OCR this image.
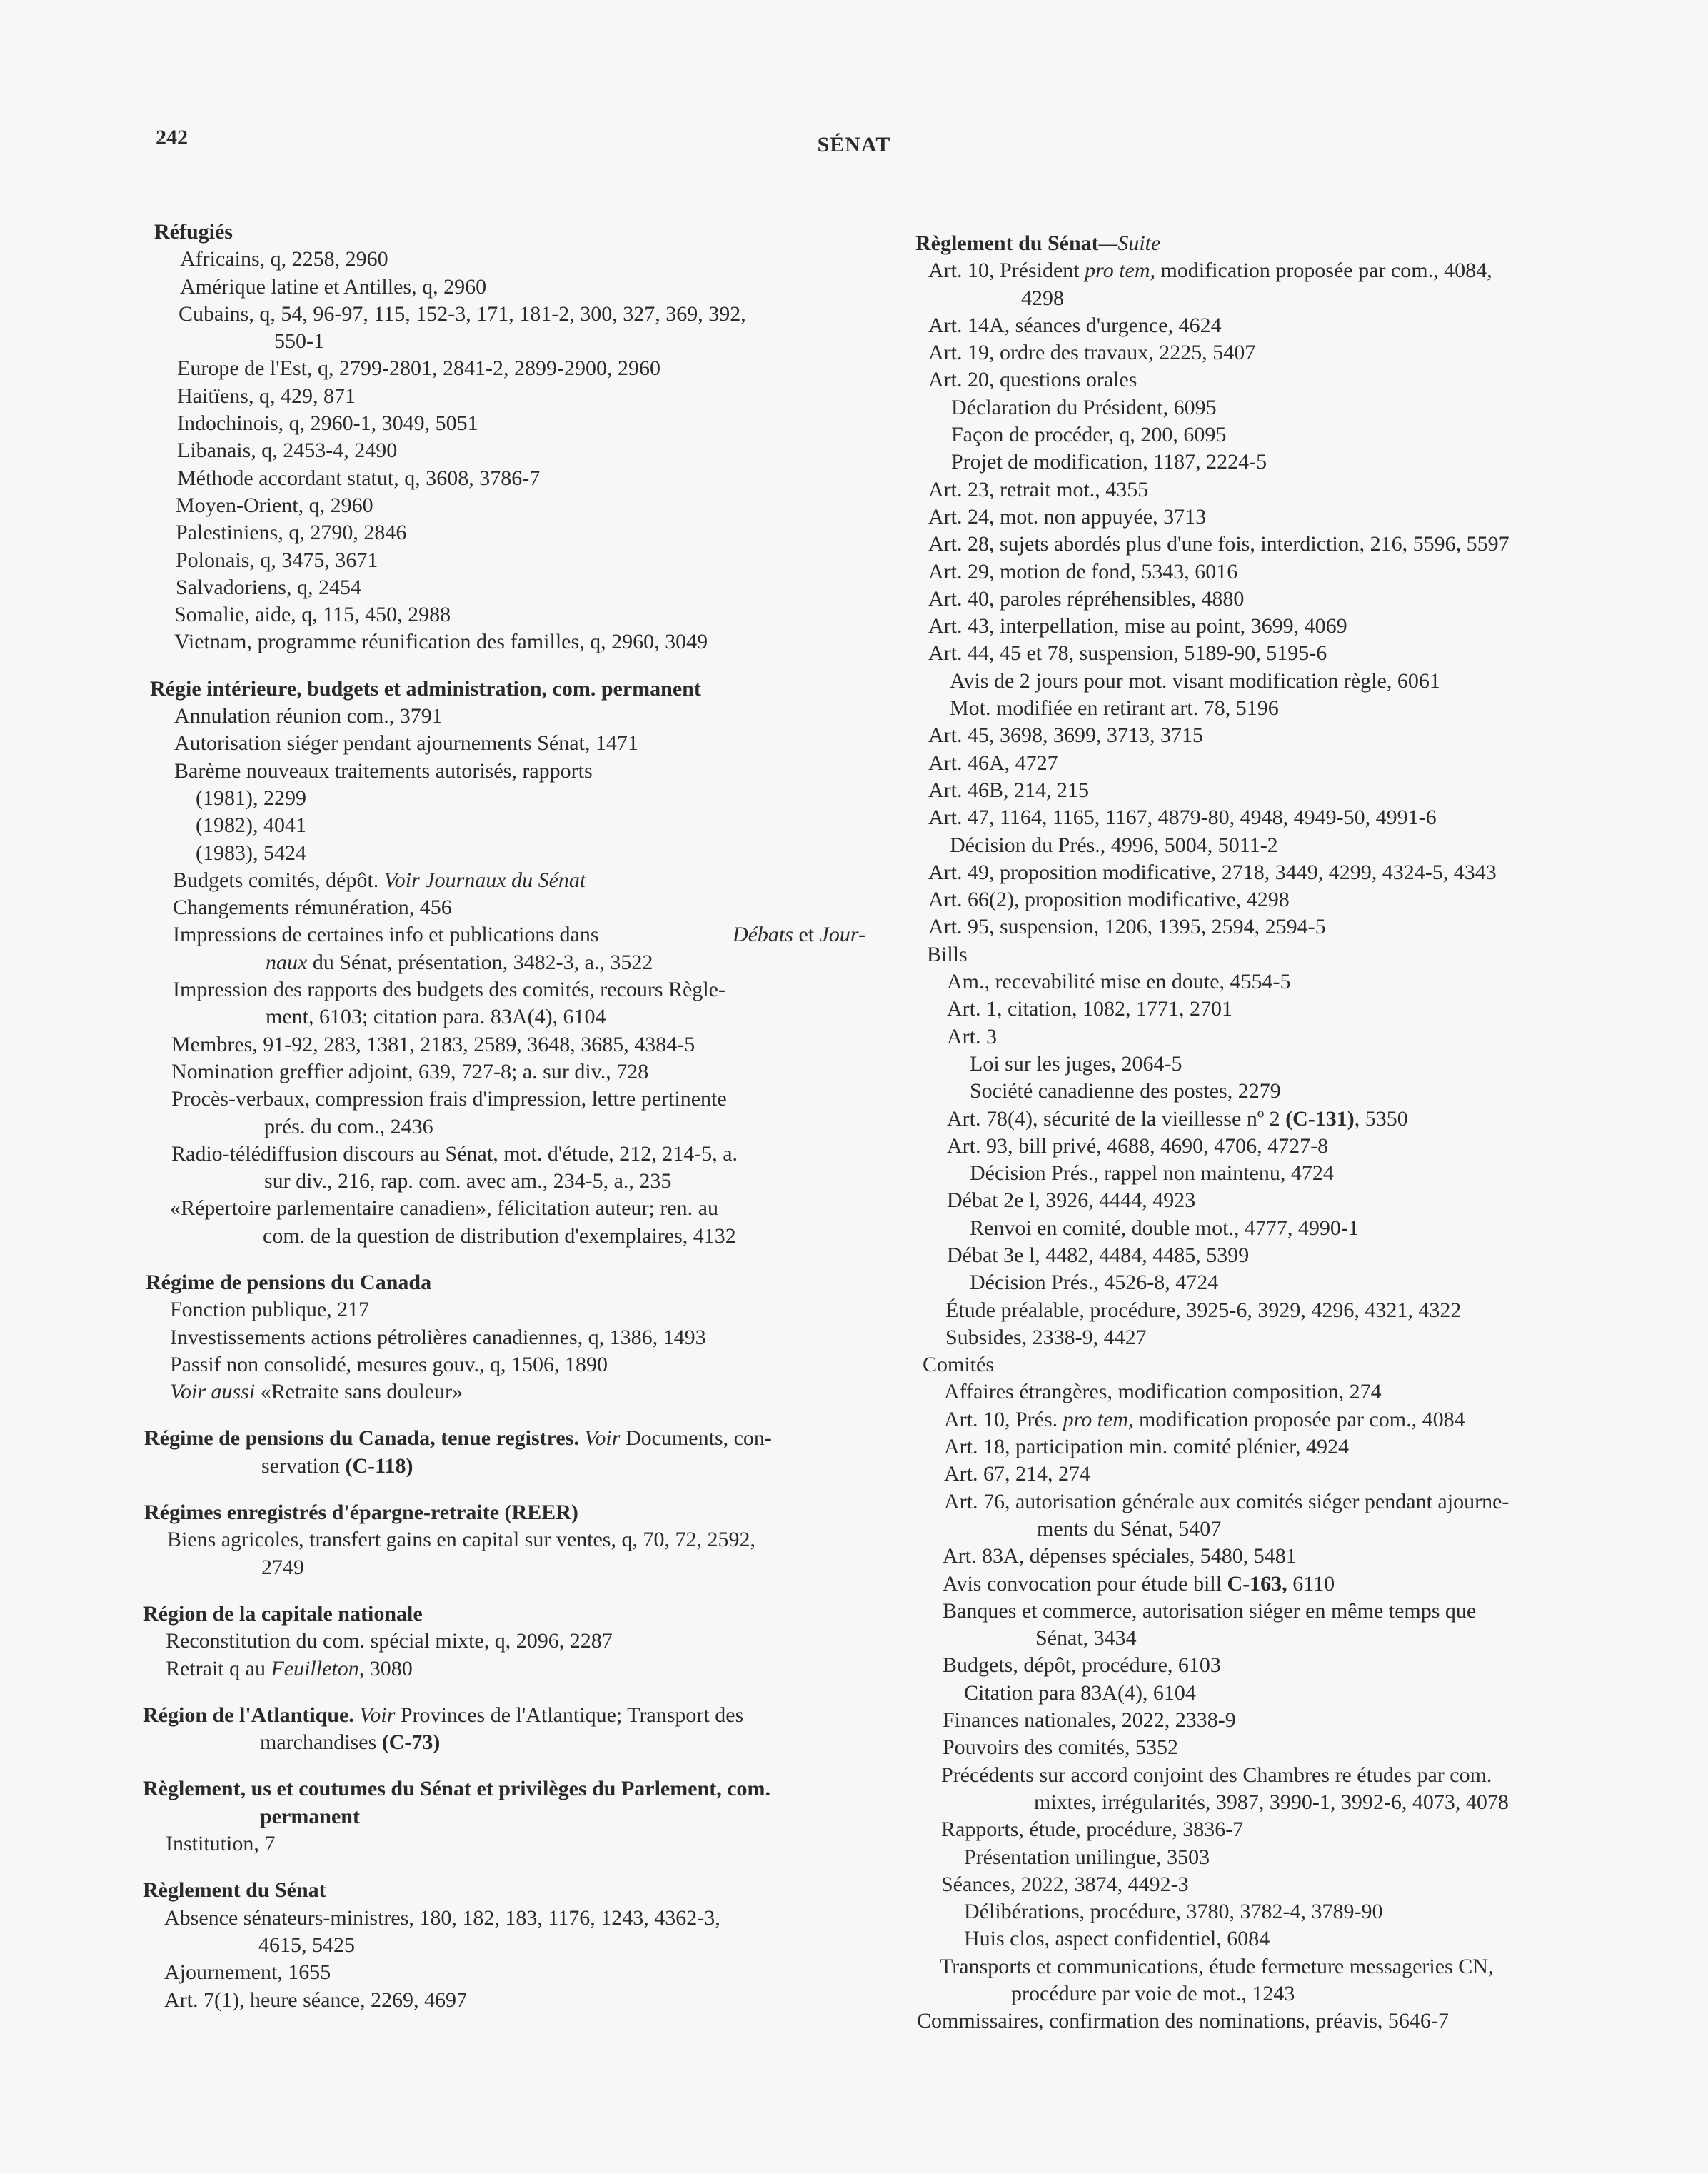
242	SÉNAT
Réfugiés
Africains, q, 2258, 2960
Amérique latine et Antilles, q, 2960
Cubains, q, 54, 96-97, 115, 152-3, 171, 181-2, 300, 327, 369, 392,
550-1
Europe de l'Est, q, 2799-2801, 2841-2, 2899-2900, 2960
Haitïens, q, 429, 871
Indochinois, q, 2960-1, 3049, 5051
Libanais, q, 2453-4, 2490
Méthode accordant statut, q, 3608, 3786-7
Moyen-Orient, q, 2960
Palestiniens, q, 2790, 2846
Polonais, q, 3475, 3671
Salvadoriens, q, 2454
Somalie, aide, q, 115, 450, 2988
Vietnam, programme réunification des familles, q, 2960, 3049
Régie intérieure, budgets et administration, com. permanent
Annulation réunion com., 3791
Autorisation siéger pendant ajournements Sénat, 1471
Barème nouveaux traitements autorisés, rapports
(1981), 2299
(1982), 4041
(1983), 5424
Budgets comités, dépôt. Voir Journaux du Sénat
Changements rémunération, 456
Impressions de certaines info et publications dans	Débats et Jour-
naux du Sénat, présentation, 3482-3, a., 3522
Impression des rapports des budgets des comités, recours Règle-
ment, 6103; citation para. 83A(4), 6104
Membres, 91-92, 283, 1381, 2183, 2589, 3648, 3685, 4384-5
Nomination greffier adjoint, 639, 727-8; a. sur div., 728
Procès-verbaux, compression frais d'impression, lettre pertinente
prés. du com., 2436
Radio-télédiffusion discours au Sénat, mot. d'étude, 212, 214-5, a.
sur div., 216, rap. com. avec am., 234-5, a., 235
«Répertoire parlementaire canadien», félicitation auteur; ren. au
com. de la question de distribution d'exemplaires, 4132
Régime de pensions du Canada
Fonction publique, 217
Investissements actions pétrolières canadiennes, q, 1386, 1493
Passif non consolidé, mesures gouv., q, 1506, 1890
Voir aussi «Retraite sans douleur»
Régime de pensions du Canada, tenue registres. Voir Documents, con-
servation (C-118)
Régimes enregistrés d'épargne-retraite (REER)
Biens agricoles, transfert gains en capital sur ventes, q, 70, 72, 2592,
2749
Région de la capitale nationale
Reconstitution du com. spécial mixte, q, 2096, 2287
Retrait q au Feuilleton, 3080
Région de l'Atlantique. Voir Provinces de l'Atlantique; Transport des
marchandises (C-73)
Règlement, us et coutumes du Sénat et privilèges du Parlement, com.
permanent
Institution, 7
Règlement du Sénat
Absence sénateurs-ministres, 180, 182, 183, 1176, 1243, 4362-3,
4615, 5425
Ajournement, 1655
Art. 7(1), heure séance, 2269, 4697
Règlement du Sénat—Suite
Art. 10, Président pro tem, modification proposée par com., 4084,
4298
Art. 14A, séances d'urgence, 4624
Art. 19, ordre des travaux, 2225, 5407
Art. 20, questions orales
Déclaration du Président, 6095
Façon de procéder, q, 200, 6095
Projet de modification, 1187, 2224-5
Art. 23, retrait mot., 4355
Art. 24, mot. non appuyée, 3713
Art. 28, sujets abordés plus d'une fois, interdiction, 216, 5596, 5597
Art. 29, motion de fond, 5343, 6016
Art. 40, paroles répréhensibles, 4880
Art. 43, interpellation, mise au point, 3699, 4069
Art. 44, 45 et 78, suspension, 5189-90, 5195-6
Avis de 2 jours pour mot. visant modification règle, 6061
Mot. modifiée en retirant art. 78, 5196
Art. 45, 3698, 3699, 3713, 3715
Art. 46A, 4727
Art. 46B, 214, 215
Art. 47, 1164, 1165, 1167, 4879-80, 4948, 4949-50, 4991-6
Décision du Prés., 4996, 5004, 5011-2
Art. 49, proposition modificative, 2718, 3449, 4299, 4324-5, 4343
Art. 66(2), proposition modificative, 4298
Art. 95, suspension, 1206, 1395, 2594, 2594-5
Bills
Am., recevabilité mise en doute, 4554-5
Art. 1, citation, 1082, 1771, 2701
Art. 3
Loi sur les juges, 2064-5
Société canadienne des postes, 2279
Art. 78(4), sécurité de la vieillesse nº 2 (C-131), 5350
Art. 93, bill privé, 4688, 4690, 4706, 4727-8
Décision Prés., rappel non maintenu, 4724
Débat 2e l, 3926, 4444, 4923
Renvoi en comité, double mot., 4777, 4990-1
Débat 3e l, 4482, 4484, 4485, 5399
Décision Prés., 4526-8, 4724
Étude préalable, procédure, 3925-6, 3929, 4296, 4321, 4322
Subsides, 2338-9, 4427
Comités
Affaires étrangères, modification composition, 274
Art. 10, Prés. pro tem, modification proposée par com., 4084
Art. 18, participation min. comité plénier, 4924
Art. 67, 214, 274
Art. 76, autorisation générale aux comités siéger pendant ajourne-
ments du Sénat, 5407
Art. 83A, dépenses spéciales, 5480, 5481
Avis convocation pour étude bill C-163, 6110
Banques et commerce, autorisation siéger en même temps que
Sénat, 3434
Budgets, dépôt, procédure, 6103
Citation para 83A(4), 6104
Finances nationales, 2022, 2338-9
Pouvoirs des comités, 5352
Précédents sur accord conjoint des Chambres re études par com.
mixtes, irrégularités, 3987, 3990-1, 3992-6, 4073, 4078
Rapports, étude, procédure, 3836-7
Présentation unilingue, 3503
Séances, 2022, 3874, 4492-3
Délibérations, procédure, 3780, 3782-4, 3789-90
Huis clos, aspect confidentiel, 6084
Transports et communications, étude fermeture messageries CN,
procédure par voie de mot., 1243
Commissaires, confirmation des nominations, préavis, 5646-7
